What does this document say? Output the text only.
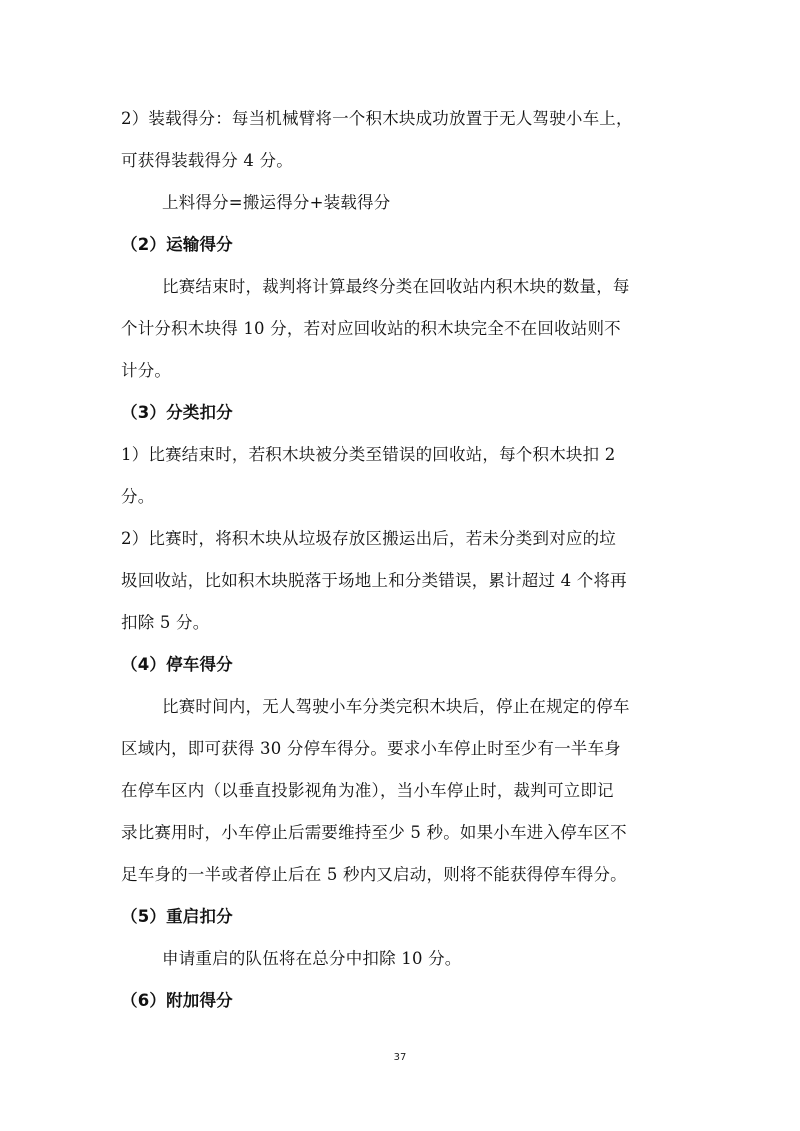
2）装载得分：每当机械臂将一个积木块成功放置于无人驾驶小车上，
可获得装载得分 4 分。
上料得分=搬运得分+装载得分
（2）运输得分
比赛结束时，裁判将计算最终分类在回收站内积木块的数量，每
个计分积木块得 10 分，若对应回收站的积木块完全不在回收站则不
计分。
（3）分类扣分
1）比赛结束时，若积木块被分类至错误的回收站，每个积木块扣 2
分。
2）比赛时，将积木块从垃圾存放区搬运出后，若未分类到对应的垃
圾回收站，比如积木块脱落于场地上和分类错误，累计超过 4 个将再
扣除 5 分。
（4）停车得分
比赛时间内，无人驾驶小车分类完积木块后，停止在规定的停车
区域内，即可获得 30 分停车得分。要求小车停止时至少有一半车身
在停车区内（以垂直投影视角为准），当小车停止时，裁判可立即记
录比赛用时，小车停止后需要维持至少 5 秒。如果小车进入停车区不
足车身的一半或者停止后在 5 秒内又启动，则将不能获得停车得分。
（5）重启扣分
申请重启的队伍将在总分中扣除 10 分。
（6）附加得分
37
